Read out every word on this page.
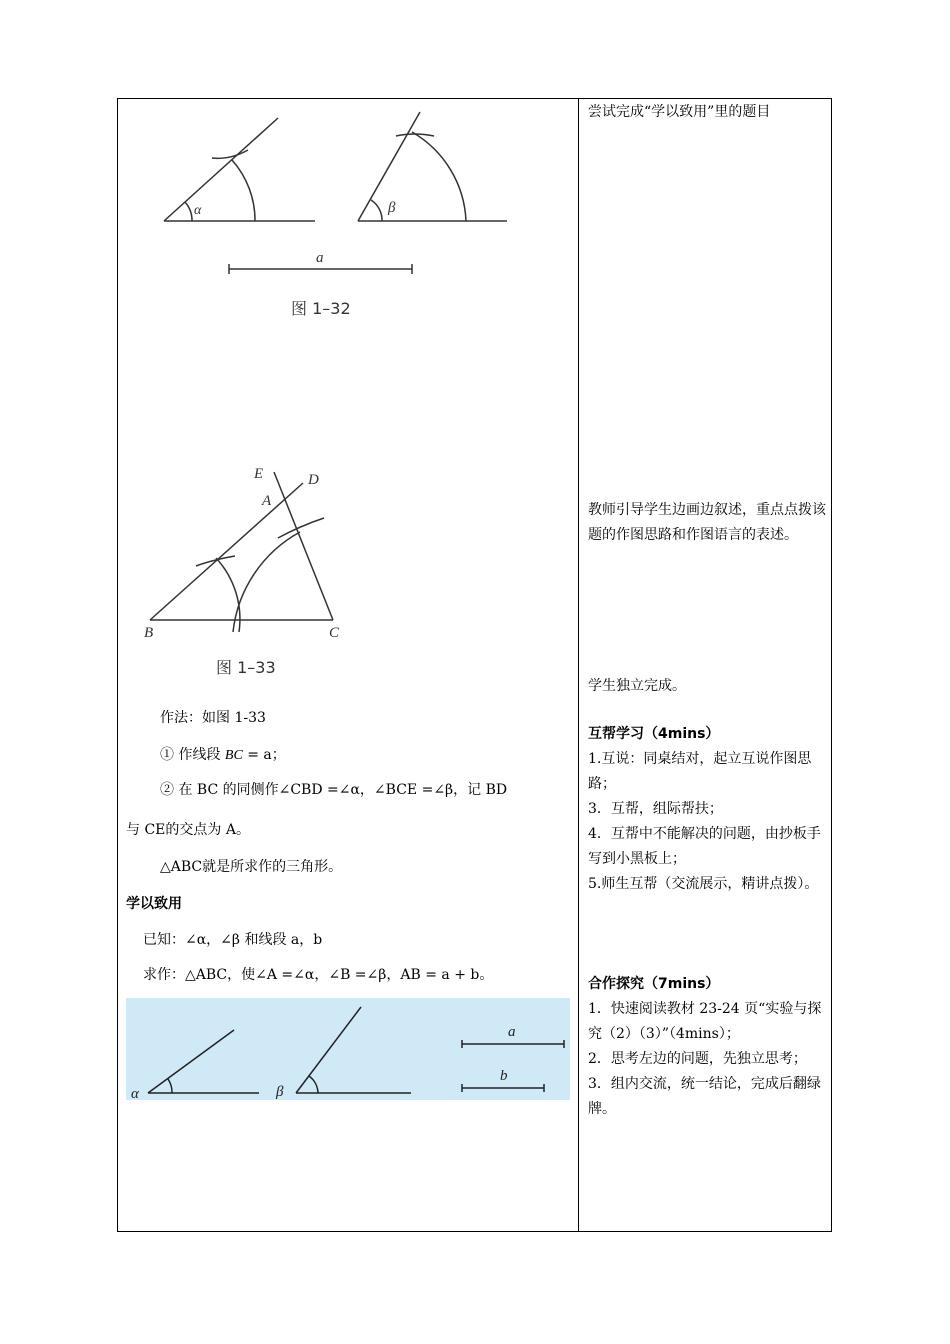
α	β
a
图 1–32
E	D
A
B	C
图 1–33
作法：如图 1-33
① 作线段 BC = a；
② 在 BC 的同侧作∠CBD =∠α，∠BCE =∠β，记 BD
与 CE的交点为 A。
△ABC就是所求作的三角形。
学以致用
已知：∠α，∠β 和线段 a，b
求作：△ABC，使∠A =∠α，∠B =∠β，AB = a + b。
α	β
a
b

尝试完成“学以致用”里的题目

教师引导学生边画边叙述，重点点拨该题的作图思路和作图语言的表述。

学生独立完成。

互帮学习（4mins）

1.互说：同桌结对，起立互说作图思路；

3．互帮，组际帮扶；

4．互帮中不能解决的问题，由抄板手写到小黑板上；

5.师生互帮（交流展示，精讲点拨）。

合作探究（7mins）

1．快速阅读教材 23-24 页“实验与探究（2）（3）”（4mins）；

2．思考左边的问题，先独立思考；

3．组内交流，统一结论，完成后翻绿牌。
